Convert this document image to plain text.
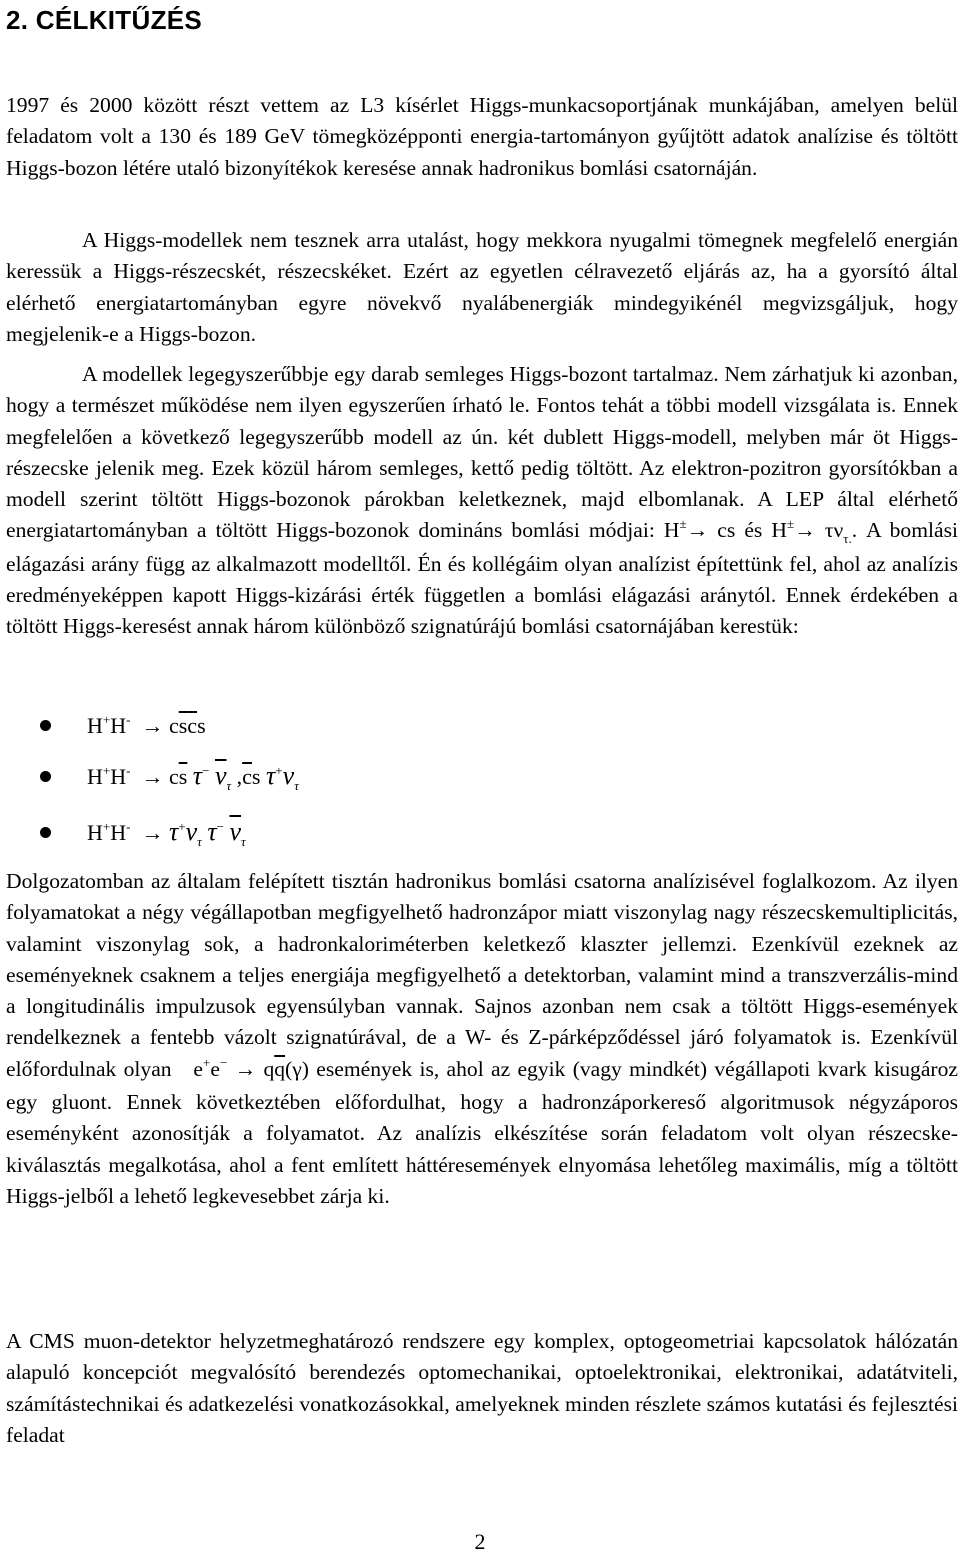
2. CÉLKITŰZÉS

1997 és 2000 között részt vettem az L3 kísérlet Higgs-munkacsoportjának munkájában, amelyen belül feladatom volt a 130 és 189 GeV tömegközépponti energia-tartományon gyűjtött adatok analízise és töltött Higgs-bozon létére utaló bizonyítékok keresése annak hadronikus bomlási csatornáján.

A Higgs-modellek nem tesznek arra utalást, hogy mekkora nyugalmi tömegnek megfelelő energián keressük a Higgs-részecskét, részecskéket. Ezért az egyetlen célravezető eljárás az, ha a gyorsító által elérhető energiatartományban egyre növekvő nyalábenergiák mindegyikénél megvizsgáljuk, hogy megjelenik-e a Higgs-bozon.

A modellek legegyszerűbbje egy darab semleges Higgs-bozont tartalmaz. Nem zárhatjuk ki azonban, hogy a természet működése nem ilyen egyszerűen írható le. Fontos tehát a többi modell vizsgálata is. Ennek megfelelően a következő legegyszerűbb modell az ún. két dublett Higgs-modell, melyben már öt Higgs-részecske jelenik meg. Ezek közül három semleges, kettő pedig töltött. Az elektron-pozitron gyorsítókban a modell szerint töltött Higgs-bozonok párokban keletkeznek, majd elbomlanak. A LEP által elérhető energiatartományban a töltött Higgs-bozonok domináns bomlási módjai: H±→ cs és $H^\pm\to \tau\nu_{\tau.}$. A bomlási elágazási arány függ az alkalmazott modelltől. Én és kollégáim olyan analízist építettünk fel, ahol az analízis eredményeképpen kapott Higgs-kizárási érték független a bomlási elágazási aránytól. Ennek érdekében a töltött Higgs-keresést annak három különböző szignatúrájú bomlási csatornájában kerestük:

$H^+H^- \to c\overline{s}\overline{c}s$
$H^+H^- \to c\overline{s}$ τ− $\overline{\nu}_\tau$ $,\overline{c}s$ $\tau^+\nu_\tau$
$H^+H^- \to \tau^+\nu_\tau$ τ− $\overline{\nu}_\tau$

Dolgozatomban az általam felépített tisztán hadronikus bomlási csatorna analízisével foglalkozom. Az ilyen folyamatokat a négy végállapotban megfigyelhető hadronzápor miatt viszonylag nagy részecskemultiplicitás, valamint viszonylag sok, a hadronkaloriméterben keletkező klaszter jellemzi. Ezenkívül ezeknek az eseményeknek csaknem a teljes energiája megfigyelhető a detektorban, valamint mind a transzverzális-mind a longitudinális impulzusok egyensúlyban vannak. Sajnos azonban nem csak a töltött Higgs-események rendelkeznek a fentebb vázolt szignatúrával, de a W- és Z-párképződéssel járó folyamatok is. Ezenkívül előfordulnak olyan $e^+e^- \to q\overline{q}(\gamma)$ események is, ahol az egyik (vagy mindkét) végállapoti kvark kisugároz egy gluont. Ennek következtében előfordulhat, hogy a hadronzáporkereső algoritmusok négyzáporos eseményként azonosítják a folyamatot. Az analízis elkészítése során feladatom volt olyan részecske-kiválasztás megalkotása, ahol a fent említett háttéresemények elnyomása lehetőleg maximális, míg a töltött Higgs-jelből a lehető legkevesebbet zárja ki.

A CMS muon-detektor helyzetmeghatározó rendszere egy komplex, optogeometriai kapcsolatok hálózatán alapuló koncepciót megvalósító berendezés optomechanikai, optoelektronikai, elektronikai, adatátviteli, számítástechnikai és adatkezelési vonatkozásokkal, amelyeknek minden részlete számos kutatási és fejlesztési feladat

2
